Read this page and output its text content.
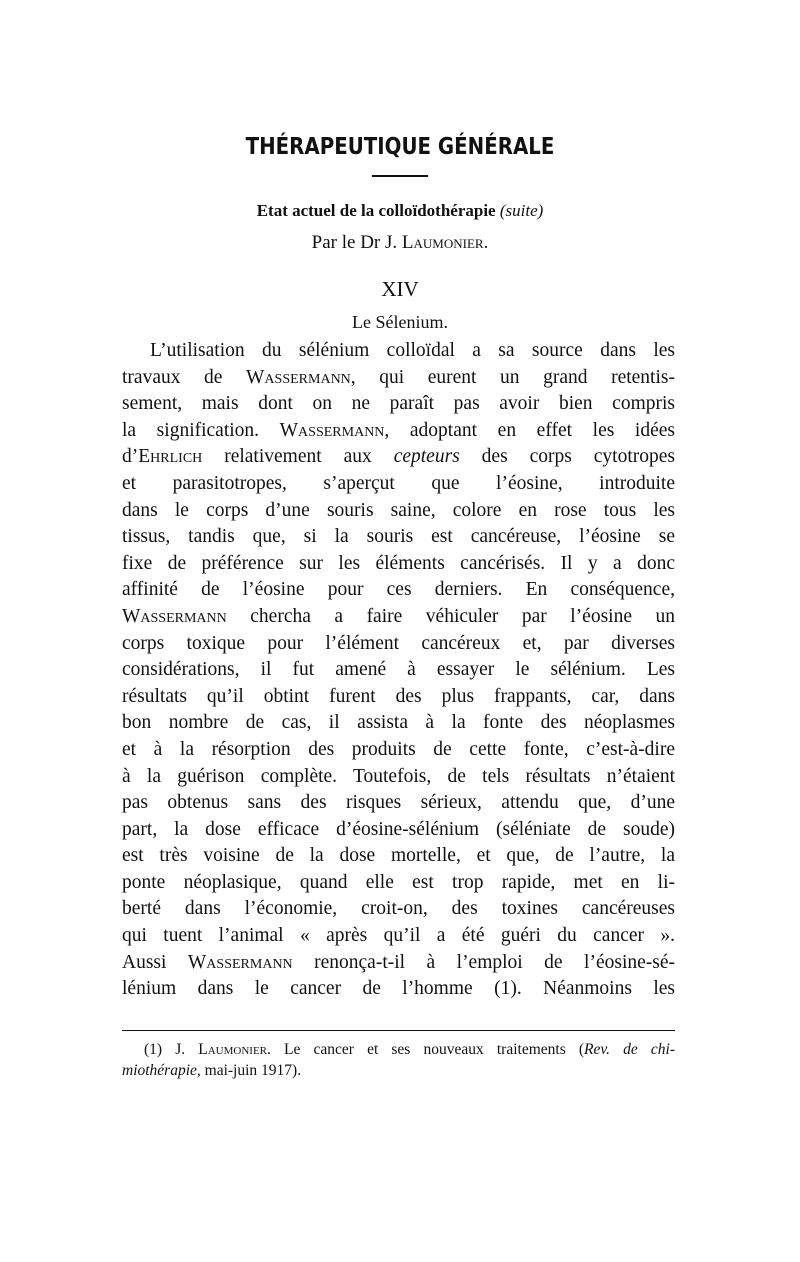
THÉRAPEUTIQUE GÉNÉRALE
Etat actuel de la colloïdothérapie (suite)
Par le Dr J. Laumonier.
XIV
Le Sélenium.
L’utilisation du sélénium colloïdal a sa source dans les
travaux de Wassermann, qui eurent un grand retentis-
sement, mais dont on ne paraît pas avoir bien compris
la signification. Wassermann, adoptant en effet les idées
d’Ehrlich relativement aux cepteurs des corps cytotropes
et parasitotropes, s’aperçut que l’éosine, introduite
dans le corps d’une souris saine, colore en rose tous les
tissus, tandis que, si la souris est cancéreuse, l’éosine se
fixe de préférence sur les éléments cancérisés. Il y a donc
affinité de l’éosine pour ces derniers. En conséquence,
Wassermann chercha a faire véhiculer par l’éosine un
corps toxique pour l’élément cancéreux et, par diverses
considérations, il fut amené à essayer le sélénium. Les
résultats qu’il obtint furent des plus frappants, car, dans
bon nombre de cas, il assista à la fonte des néoplasmes
et à la résorption des produits de cette fonte, c’est-à-dire
à la guérison complète. Toutefois, de tels résultats n’étaient
pas obtenus sans des risques sérieux, attendu que, d’une
part, la dose efficace d’éosine-sélénium (séléniate de soude)
est très voisine de la dose mortelle, et que, de l’autre, la
ponte néoplasique, quand elle est trop rapide, met en li-
berté dans l’économie, croit-on, des toxines cancéreuses
qui tuent l’animal « après qu’il a été guéri du cancer ».
Aussi Wassermann renonça-t-il à l’emploi de l’éosine-sé-
lénium dans le cancer de l’homme (1). Néanmoins les
(1) J. Laumonier. Le cancer et ses nouveaux traitements (Rev. de chi-
miothérapie, mai-juin 1917).
